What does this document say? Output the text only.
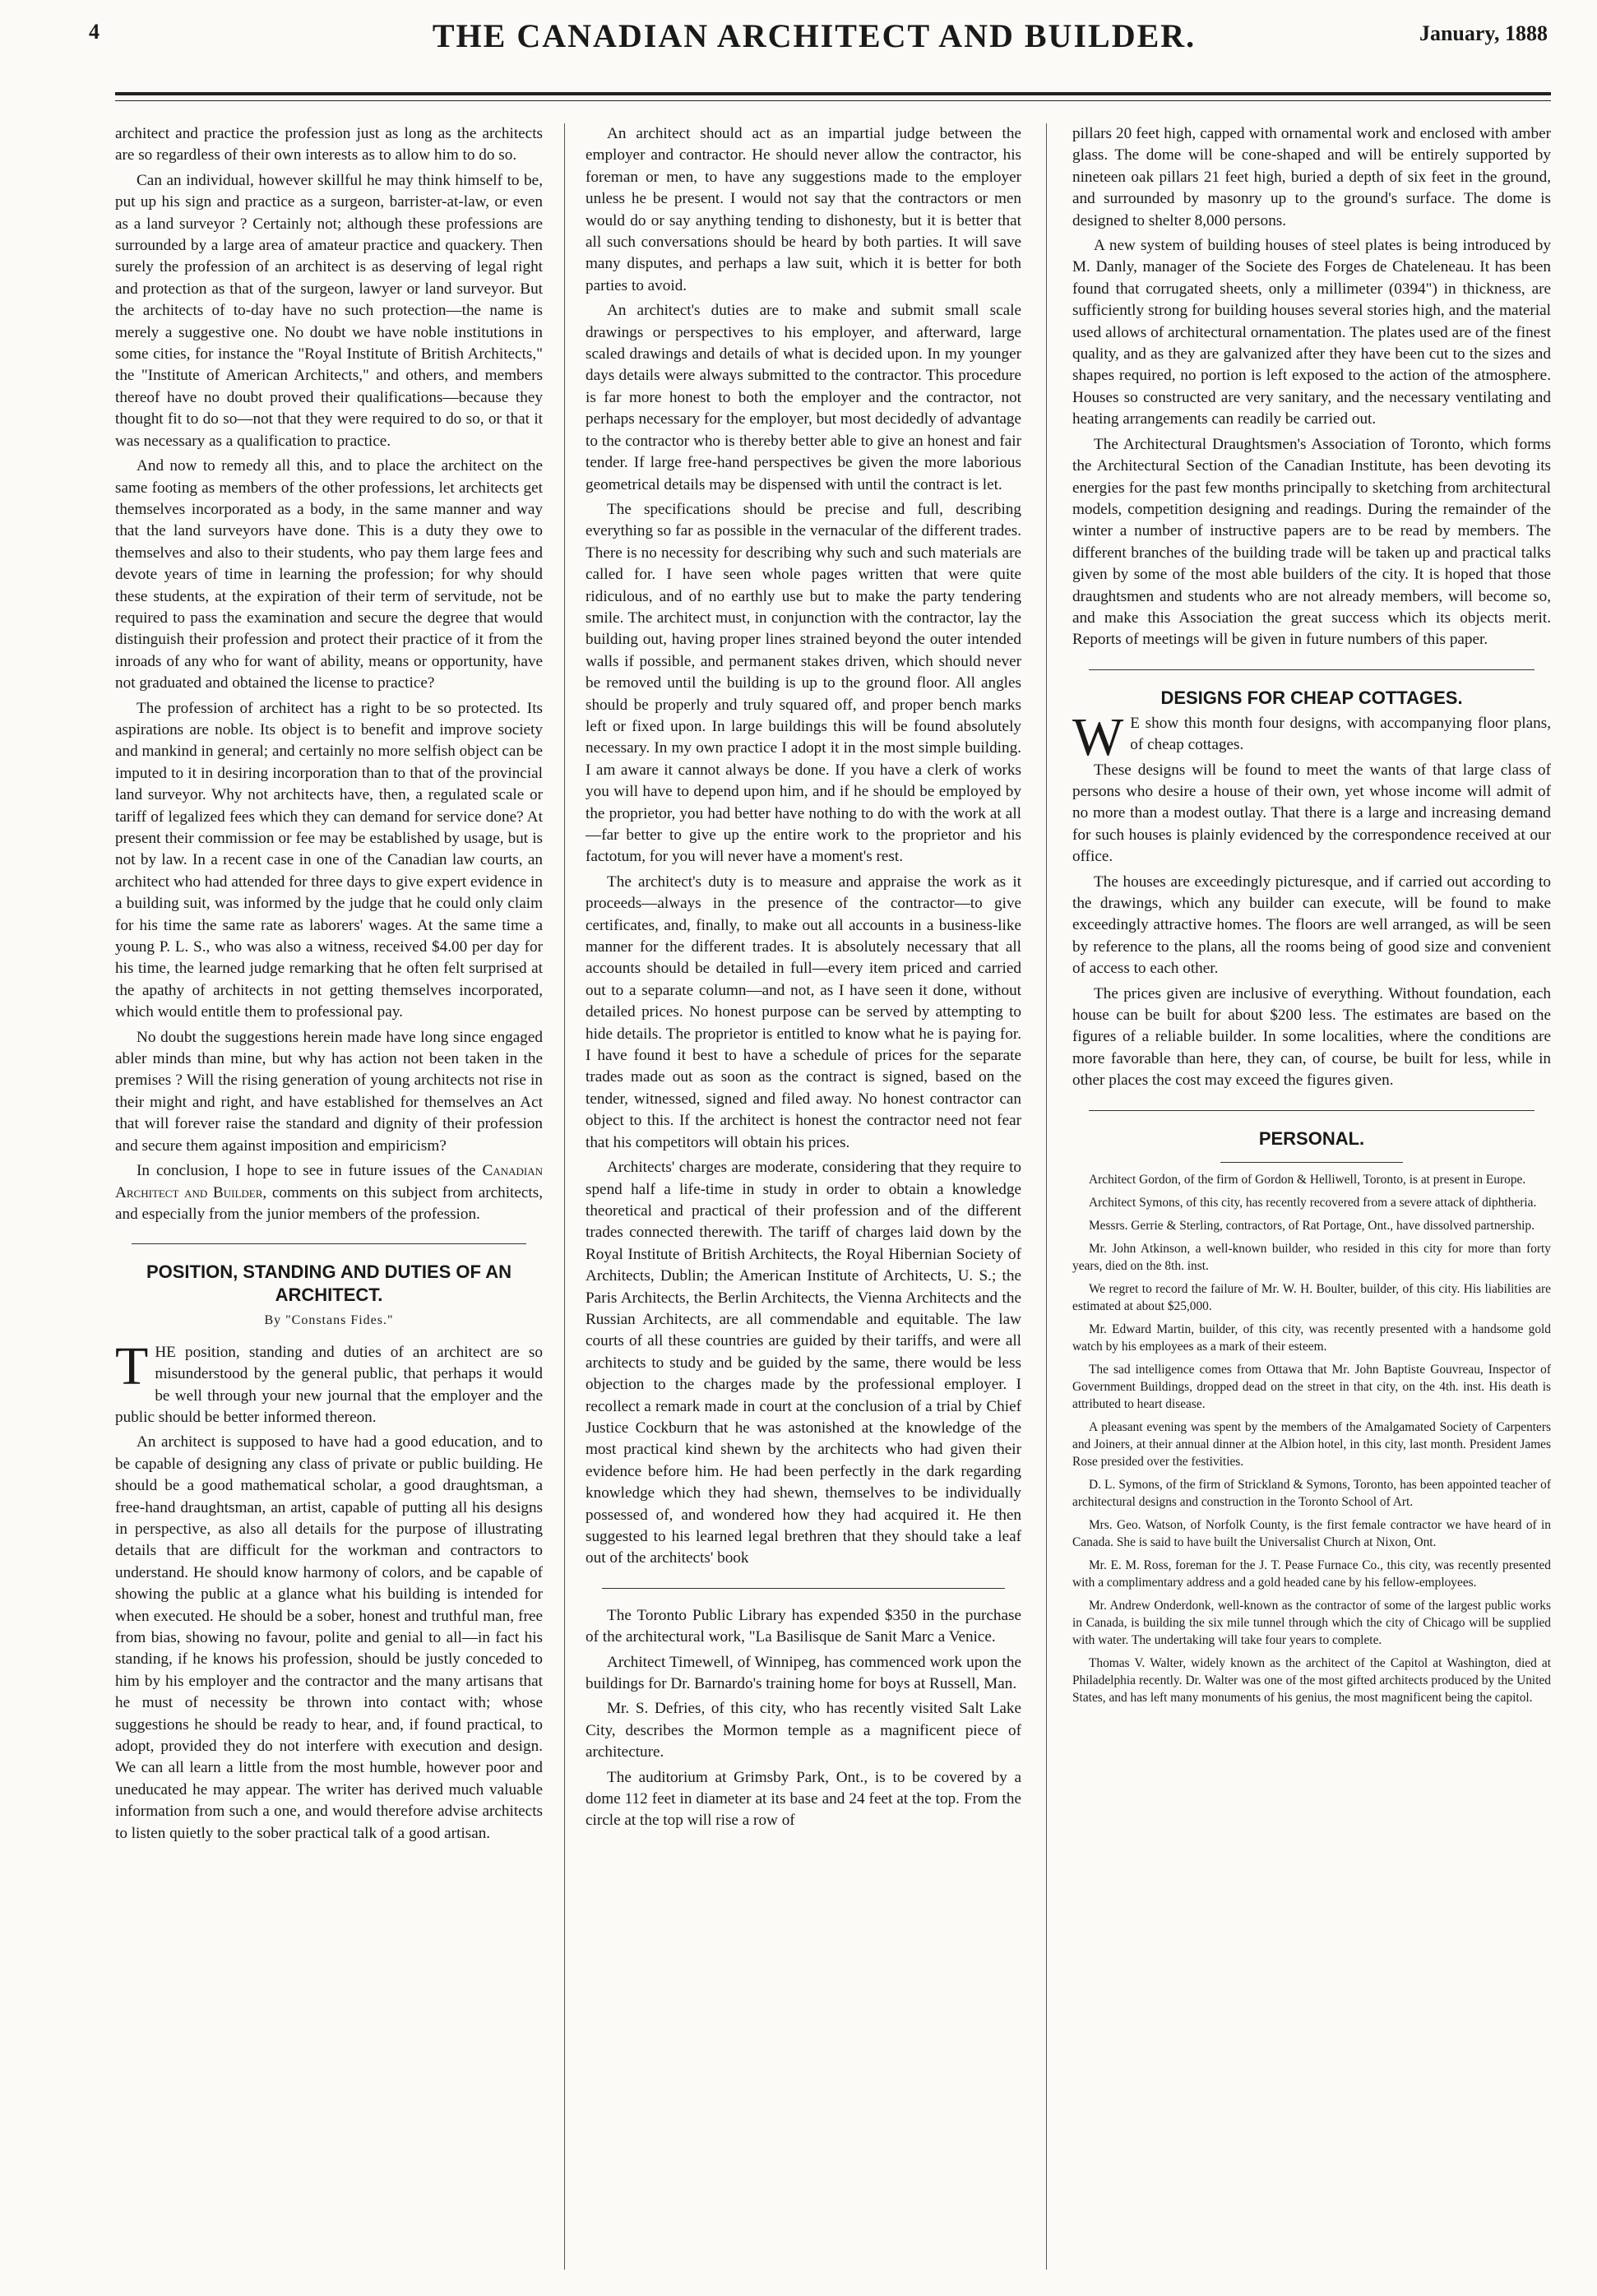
4	THE CANADIAN ARCHITECT AND BUILDER.	January, 1888

architect and practice the profession just as long as the architects are so regardless of their own interests as to allow him to do so.

Can an individual, however skillful he may think himself to be, put up his sign and practice as a surgeon, barrister-at-law, or even as a land surveyor ? Certainly not; although these professions are surrounded by a large area of amateur practice and quackery. Then surely the profession of an architect is as deserving of legal right and protection as that of the surgeon, lawyer or land surveyor. But the architects of to-day have no such protection—the name is merely a suggestive one. No doubt we have noble institutions in some cities, for instance the "Royal Institute of British Architects," the "Institute of American Architects," and others, and members thereof have no doubt proved their qualifications—because they thought fit to do so—not that they were required to do so, or that it was necessary as a qualification to practice.

And now to remedy all this, and to place the architect on the same footing as members of the other professions, let architects get themselves incorporated as a body, in the same manner and way that the land surveyors have done. This is a duty they owe to themselves and also to their students, who pay them large fees and devote years of time in learning the profession; for why should these students, at the expiration of their term of servitude, not be required to pass the examination and secure the degree that would distinguish their profession and protect their practice of it from the inroads of any who for want of ability, means or opportunity, have not graduated and obtained the license to practice?

The profession of architect has a right to be so protected. Its aspirations are noble. Its object is to benefit and improve society and mankind in general; and certainly no more selfish object can be imputed to it in desiring incorporation than to that of the provincial land surveyor. Why not architects have, then, a regulated scale or tariff of legalized fees which they can demand for service done? At present their commission or fee may be established by usage, but is not by law. In a recent case in one of the Canadian law courts, an architect who had attended for three days to give expert evidence in a building suit, was informed by the judge that he could only claim for his time the same rate as laborers' wages. At the same time a young P. L. S., who was also a witness, received $4.00 per day for his time, the learned judge remarking that he often felt surprised at the apathy of architects in not getting themselves incorporated, which would entitle them to professional pay.

No doubt the suggestions herein made have long since engaged abler minds than mine, but why has action not been taken in the premises ? Will the rising generation of young architects not rise in their might and right, and have established for themselves an Act that will forever raise the standard and dignity of their profession and secure them against imposition and empiricism?

In conclusion, I hope to see in future issues of the Canadian Architect and Builder, comments on this subject from architects, and especially from the junior members of the profession.

POSITION, STANDING AND DUTIES OF AN ARCHITECT.
By "Constans Fides."

THE position, standing and duties of an architect are so misunderstood by the general public, that perhaps it would be well through your new journal that the employer and the public should be better informed thereon.

An architect is supposed to have had a good education, and to be capable of designing any class of private or public building. He should be a good mathematical scholar, a good draughtsman, a free-hand draughtsman, an artist, capable of putting all his designs in perspective, as also all details for the purpose of illustrating details that are difficult for the workman and contractors to understand. He should know harmony of colors, and be capable of showing the public at a glance what his building is intended for when executed. He should be a sober, honest and truthful man, free from bias, showing no favour, polite and genial to all—in fact his standing, if he knows his profession, should be justly conceded to him by his employer and the contractor and the many artisans that he must of necessity be thrown into contact with; whose suggestions he should be ready to hear, and, if found practical, to adopt, provided they do not interfere with execution and design. We can all learn a little from the most humble, however poor and uneducated he may appear. The writer has derived much valuable information from such a one, and would therefore advise architects to listen quietly to the sober practical talk of a good artisan.

An architect should act as an impartial judge between the employer and contractor. He should never allow the contractor, his foreman or men, to have any suggestions made to the employer unless he be present. I would not say that the contractors or men would do or say anything tending to dishonesty, but it is better that all such conversations should be heard by both parties. It will save many disputes, and perhaps a law suit, which it is better for both parties to avoid.

An architect's duties are to make and submit small scale drawings or perspectives to his employer, and afterward, large scaled drawings and details of what is decided upon. In my younger days details were always submitted to the contractor. This procedure is far more honest to both the employer and the contractor, not perhaps necessary for the employer, but most decidedly of advantage to the contractor who is thereby better able to give an honest and fair tender. If large free-hand perspectives be given the more laborious geometrical details may be dispensed with until the contract is let.

The specifications should be precise and full, describing everything so far as possible in the vernacular of the different trades. There is no necessity for describing why such and such materials are called for. I have seen whole pages written that were quite ridiculous, and of no earthly use but to make the party tendering smile. The architect must, in conjunction with the contractor, lay the building out, having proper lines strained beyond the outer intended walls if possible, and permanent stakes driven, which should never be removed until the building is up to the ground floor. All angles should be properly and truly squared off, and proper bench marks left or fixed upon. In large buildings this will be found absolutely necessary. In my own practice I adopt it in the most simple building. I am aware it cannot always be done. If you have a clerk of works you will have to depend upon him, and if he should be employed by the proprietor, you had better have nothing to do with the work at all—far better to give up the entire work to the proprietor and his factotum, for you will never have a moment's rest.

The architect's duty is to measure and appraise the work as it proceeds—always in the presence of the contractor—to give certificates, and, finally, to make out all accounts in a business-like manner for the different trades. It is absolutely necessary that all accounts should be detailed in full—every item priced and carried out to a separate column—and not, as I have seen it done, without detailed prices. No honest purpose can be served by attempting to hide details. The proprietor is entitled to know what he is paying for. I have found it best to have a schedule of prices for the separate trades made out as soon as the contract is signed, based on the tender, witnessed, signed and filed away. No honest contractor can object to this. If the architect is honest the contractor need not fear that his competitors will obtain his prices.

Architects' charges are moderate, considering that they require to spend half a life-time in study in order to obtain a knowledge theoretical and practical of their profession and of the different trades connected therewith. The tariff of charges laid down by the Royal Institute of British Architects, the Royal Hibernian Society of Architects, Dublin; the American Institute of Architects, U. S.; the Paris Architects, the Berlin Architects, the Vienna Architects and the Russian Architects, are all commendable and equitable. The law courts of all these countries are guided by their tariffs, and were all architects to study and be guided by the same, there would be less objection to the charges made by the professional employer. I recollect a remark made in court at the conclusion of a trial by Chief Justice Cockburn that he was astonished at the knowledge of the most practical kind shewn by the architects who had given their evidence before him. He had been perfectly in the dark regarding knowledge which they had shewn, themselves to be individually possessed of, and wondered how they had acquired it. He then suggested to his learned legal brethren that they should take a leaf out of the architects' book

The Toronto Public Library has expended $350 in the purchase of the architectural work, "La Basilisque de Sanit Marc a Venice.

Architect Timewell, of Winnipeg, has commenced work upon the buildings for Dr. Barnardo's training home for boys at Russell, Man.

Mr. S. Defries, of this city, who has recently visited Salt Lake City, describes the Mormon temple as a magnificent piece of architecture.

The auditorium at Grimsby Park, Ont., is to be covered by a dome 112 feet in diameter at its base and 24 feet at the top. From the circle at the top will rise a row of

pillars 20 feet high, capped with ornamental work and enclosed with amber glass. The dome will be cone-shaped and will be entirely supported by nineteen oak pillars 21 feet high, buried a depth of six feet in the ground, and surrounded by masonry up to the ground's surface. The dome is designed to shelter 8,000 persons.

A new system of building houses of steel plates is being introduced by M. Danly, manager of the Societe des Forges de Chateleneau. It has been found that corrugated sheets, only a millimeter (0394") in thickness, are sufficiently strong for building houses several stories high, and the material used allows of architectural ornamentation. The plates used are of the finest quality, and as they are galvanized after they have been cut to the sizes and shapes required, no portion is left exposed to the action of the atmosphere. Houses so constructed are very sanitary, and the necessary ventilating and heating arrangements can readily be carried out.

The Architectural Draughtsmen's Association of Toronto, which forms the Architectural Section of the Canadian Institute, has been devoting its energies for the past few months principally to sketching from architectural models, competition designing and readings. During the remainder of the winter a number of instructive papers are to be read by members. The different branches of the building trade will be taken up and practical talks given by some of the most able builders of the city. It is hoped that those draughtsmen and students who are not already members, will become so, and make this Association the great success which its objects merit. Reports of meetings will be given in future numbers of this paper.

DESIGNS FOR CHEAP COTTAGES.

W E show this month four designs, with accompanying floor plans, of cheap cottages.

These designs will be found to meet the wants of that large class of persons who desire a house of their own, yet whose income will admit of no more than a modest outlay. That there is a large and increasing demand for such houses is plainly evidenced by the correspondence received at our office.

The houses are exceedingly picturesque, and if carried out according to the drawings, which any builder can execute, will be found to make exceedingly attractive homes. The floors are well arranged, as will be seen by reference to the plans, all the rooms being of good size and convenient of access to each other.

The prices given are inclusive of everything. Without foundation, each house can be built for about $200 less. The estimates are based on the figures of a reliable builder. In some localities, where the conditions are more favorable than here, they can, of course, be built for less, while in other places the cost may exceed the figures given.

PERSONAL.

Architect Gordon, of the firm of Gordon & Helliwell, Toronto, is at present in Europe.

Architect Symons, of this city, has recently recovered from a severe attack of diphtheria.

Messrs. Gerrie & Sterling, contractors, of Rat Portage, Ont., have dissolved partnership.

Mr. John Atkinson, a well-known builder, who resided in this city for more than forty years, died on the 8th. inst.

We regret to record the failure of Mr. W. H. Boulter, builder, of this city. His liabilities are estimated at about $25,000.

Mr. Edward Martin, builder, of this city, was recently presented with a handsome gold watch by his employees as a mark of their esteem.

The sad intelligence comes from Ottawa that Mr. John Baptiste Gouvreau, Inspector of Government Buildings, dropped dead on the street in that city, on the 4th. inst. His death is attributed to heart disease.

A pleasant evening was spent by the members of the Amalgamated Society of Carpenters and Joiners, at their annual dinner at the Albion hotel, in this city, last month. President James Rose presided over the festivities.

D. L. Symons, of the firm of Strickland & Symons, Toronto, has been appointed teacher of architectural designs and construction in the Toronto School of Art.

Mrs. Geo. Watson, of Norfolk County, is the first female contractor we have heard of in Canada. She is said to have built the Universalist Church at Nixon, Ont.

Mr. E. M. Ross, foreman for the J. T. Pease Furnace Co., this city, was recently presented with a complimentary address and a gold headed cane by his fellow-employees.

Mr. Andrew Onderdonk, well-known as the contractor of some of the largest public works in Canada, is building the six mile tunnel through which the city of Chicago will be supplied with water. The undertaking will take four years to complete.

Thomas V. Walter, widely known as the architect of the Capitol at Washington, died at Philadelphia recently. Dr. Walter was one of the most gifted architects produced by the United States, and has left many monuments of his genius, the most magnificent being the capitol.
